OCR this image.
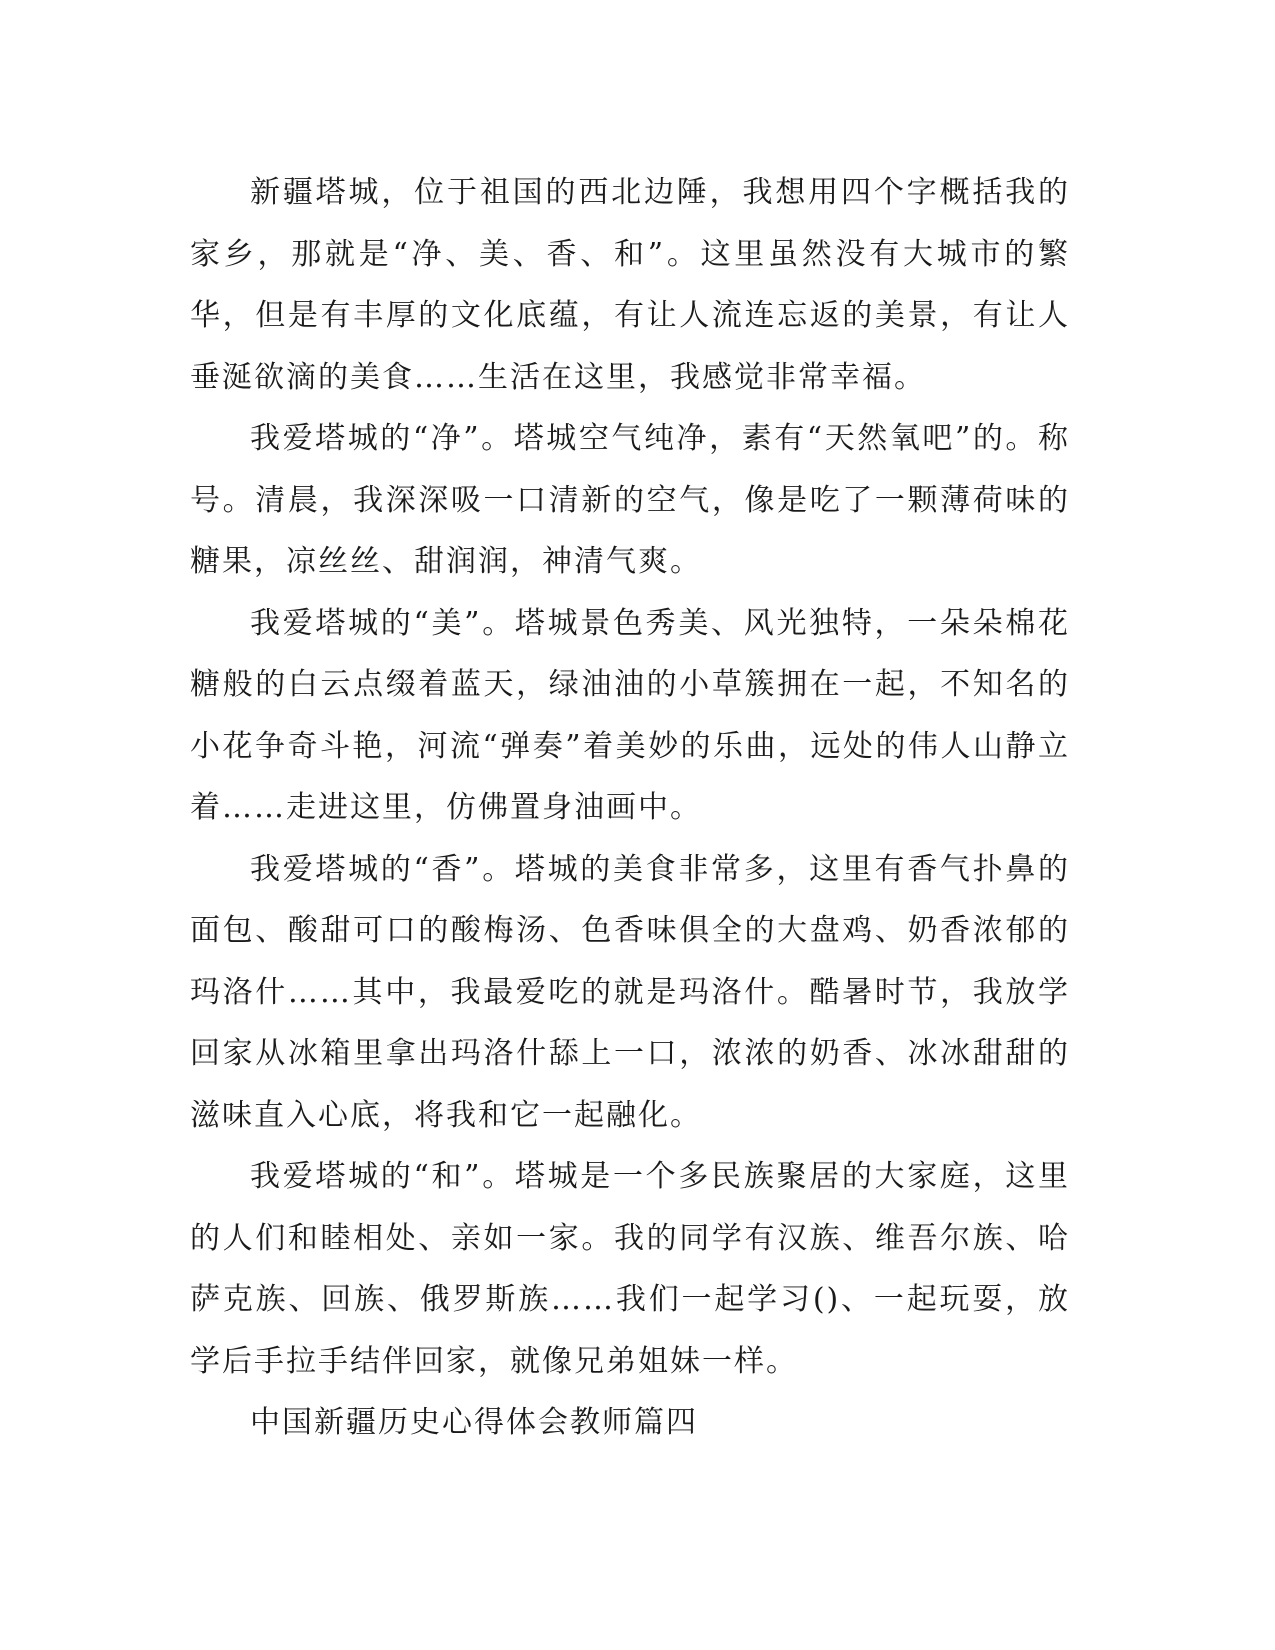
新疆塔城，位于祖国的西北边陲，我想用四个字概括我的家乡，那就是“净、美、香、和”。这里虽然没有大城市的繁华，但是有丰厚的文化底蕴，有让人流连忘返的美景，有让人垂涎欲滴的美食……生活在这里，我感觉非常幸福。

我爱塔城的“净”。塔城空气纯净，素有“天然氧吧”的。称号。清晨，我深深吸一口清新的空气，像是吃了一颗薄荷味的糖果，凉丝丝、甜润润，神清气爽。

我爱塔城的“美”。塔城景色秀美、风光独特，一朵朵棉花糖般的白云点缀着蓝天，绿油油的小草簇拥在一起，不知名的小花争奇斗艳，河流“弹奏”着美妙的乐曲，远处的伟人山静立着……走进这里，仿佛置身油画中。

我爱塔城的“香”。塔城的美食非常多，这里有香气扑鼻的面包、酸甜可口的酸梅汤、色香味俱全的大盘鸡、奶香浓郁的玛洛什……其中，我最爱吃的就是玛洛什。酷暑时节，我放学回家从冰箱里拿出玛洛什舔上一口，浓浓的奶香、冰冰甜甜的滋味直入心底，将我和它一起融化。

我爱塔城的“和”。塔城是一个多民族聚居的大家庭，这里的人们和睦相处、亲如一家。我的同学有汉族、维吾尔族、哈萨克族、回族、俄罗斯族……我们一起学习()、一起玩耍，放学后手拉手结伴回家，就像兄弟姐妹一样。

中国新疆历史心得体会教师篇四
